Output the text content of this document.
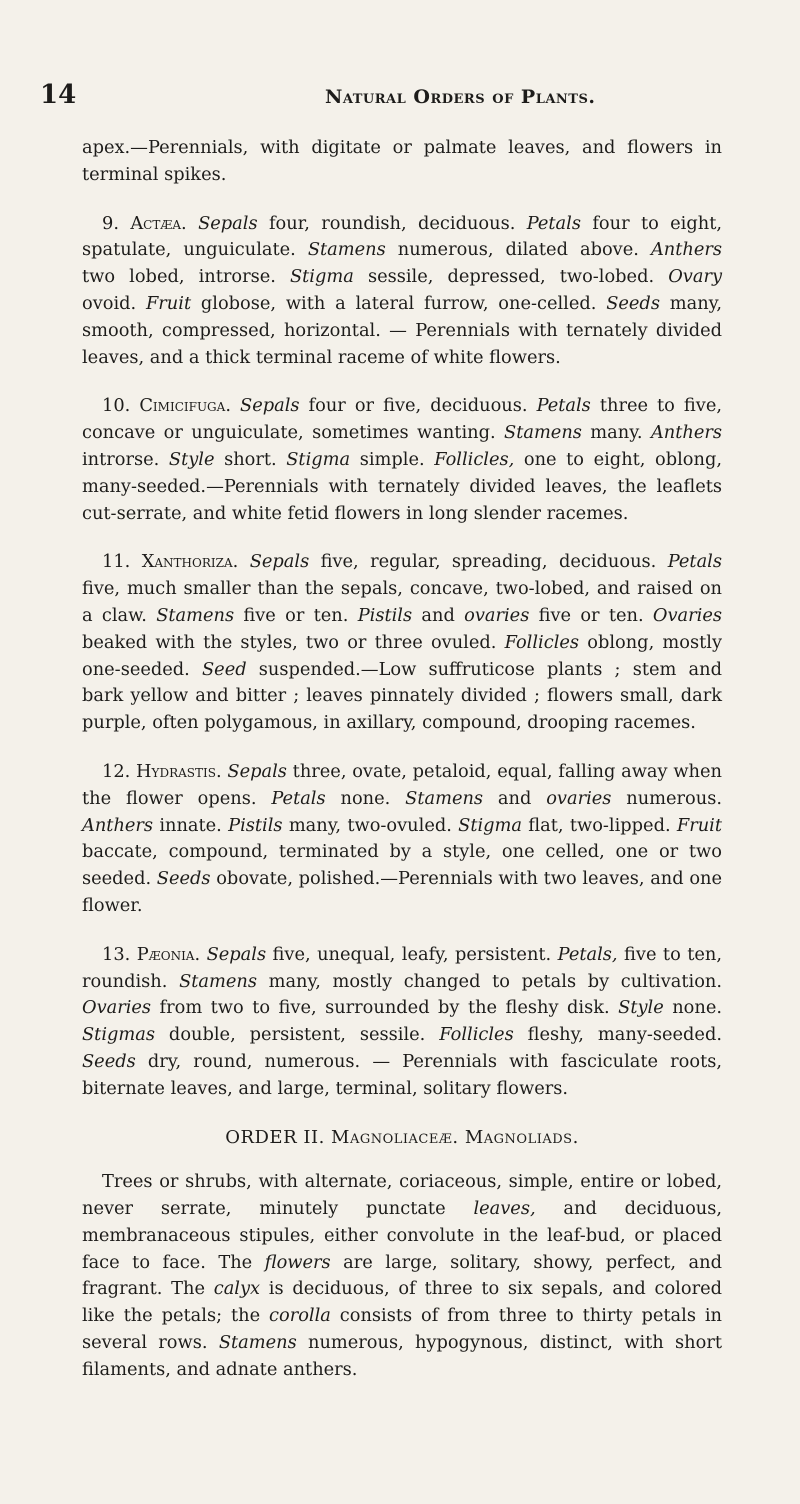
14	Natural Orders of Plants.

apex.—Perennials, with digitate or palmate leaves, and flowers in terminal spikes.

9. Actæa. Sepals four, roundish, deciduous. Petals four to eight, spatulate, unguiculate. Stamens numerous, dilated above. Anthers two lobed, introrse. Stigma sessile, depressed, two-lobed. Ovary ovoid. Fruit globose, with a lateral furrow, one-celled. Seeds many, smooth, compressed, horizontal. — Perennials with ternately divided leaves, and a thick terminal raceme of white flowers.

10. Cimicifuga. Sepals four or five, deciduous. Petals three to five, concave or unguiculate, sometimes wanting. Stamens many. Anthers introrse. Style short. Stigma simple. Follicles, one to eight, oblong, many-seeded.—Perennials with ternately divided leaves, the leaflets cut-serrate, and white fetid flowers in long slender racemes.

11. Xanthoriza. Sepals five, regular, spreading, deciduous. Petals five, much smaller than the sepals, concave, two-lobed, and raised on a claw. Stamens five or ten. Pistils and ovaries five or ten. Ovaries beaked with the styles, two or three ovuled. Follicles oblong, mostly one-seeded. Seed suspended.—Low suffruticose plants ; stem and bark yellow and bitter ; leaves pinnately divided ; flowers small, dark purple, often polygamous, in axillary, compound, drooping racemes.

12. Hydrastis. Sepals three, ovate, petaloid, equal, falling away when the flower opens. Petals none. Stamens and ovaries numerous. Anthers innate. Pistils many, two-ovuled. Stigma flat, two-lipped. Fruit baccate, compound, terminated by a style, one celled, one or two seeded. Seeds obovate, polished.—Perennials with two leaves, and one flower.

13. Pæonia. Sepals five, unequal, leafy, persistent. Petals, five to ten, roundish. Stamens many, mostly changed to petals by cultivation. Ovaries from two to five, surrounded by the fleshy disk. Style none. Stigmas double, persistent, sessile. Follicles fleshy, many-seeded. Seeds dry, round, numerous. — Perennials with fasciculate roots, biternate leaves, and large, terminal, solitary flowers.

ORDER II. Magnoliaceæ. Magnoliads.

Trees or shrubs, with alternate, coriaceous, simple, entire or lobed, never serrate, minutely punctate leaves, and deciduous, membranaceous stipules, either convolute in the leaf-bud, or placed face to face. The flowers are large, solitary, showy, perfect, and fragrant. The calyx is deciduous, of three to six sepals, and colored like the petals; the corolla consists of from three to thirty petals in several rows. Stamens numerous, hypogynous, distinct, with short filaments, and adnate anthers.
